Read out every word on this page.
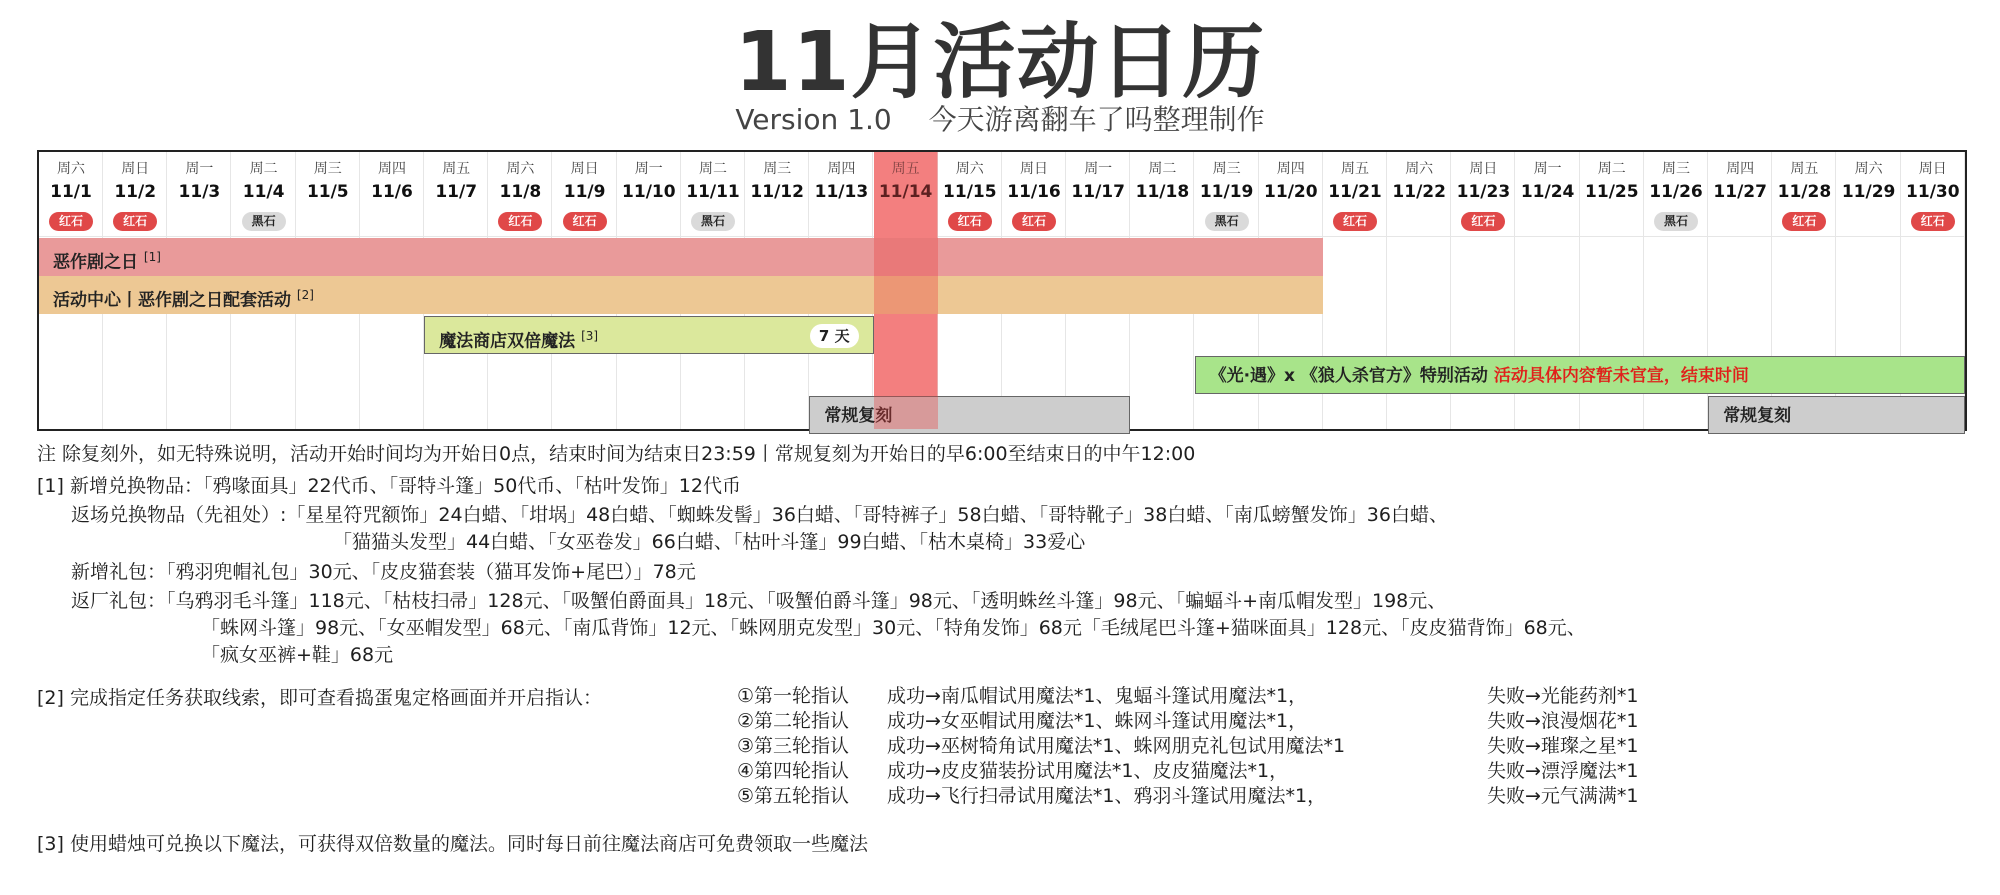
11月活动日历
Version 1.0 今天游离翻车了吗整理制作
周六
11/1
红石
周日
11/2
红石
周一
11/3
周二
11/4
黑石
周三
11/5
周四
11/6
周五
11/7
周六
11/8
红石
周日
11/9
红石
周一
11/10
周二
11/11
黑石
周三
11/12
周四
11/13
周五
11/14
周六
11/15
红石
周日
11/16
红石
周一
11/17
周二
11/18
周三
11/19
黑石
周四
11/20
周五
11/21
红石
周六
11/22
周日
11/23
红石
周一
11/24
周二
11/25
周三
11/26
黑石
周四
11/27
周五
11/28
红石
周六
11/29
周日
11/30
红石
恶作剧之日 [1]
活动中心丨恶作剧之日配套活动 [2]
魔法商店双倍魔法 [3]	7 天
《光·遇》x 《狼人杀官方》特别活动 活动具体内容暂未官宣，结束时间
常规复刻	常规复刻
注 除复刻外，如无特殊说明，活动开始时间均为开始日0点，结束时间为结束日23:59丨常规复刻为开始日的早6:00至结束日的中午12:00
[1] 新增兑换物品：「鸦喙面具」22代币、「哥特斗篷」50代币、「枯叶发饰」12代币
返场兑换物品（先祖处）:「星星符咒额饰」24白蜡、「坩埚」48白蜡、「蜘蛛发髻」36白蜡、「哥特裤子」58白蜡、「哥特靴子」38白蜡、「南瓜螃蟹发饰」36白蜡、
「猫猫头发型」44白蜡、「女巫卷发」66白蜡、「枯叶斗篷」99白蜡、「枯木桌椅」33爱心
新增礼包：「鸦羽兜帽礼包」30元、「皮皮猫套装（猫耳发饰+尾巴）」78元
返厂礼包：「乌鸦羽毛斗篷」118元、「枯枝扫帚」128元、「吸蟹伯爵面具」18元、「吸蟹伯爵斗篷」98元、「透明蛛丝斗篷」98元、「蝙蝠斗+南瓜帽发型」198元、
「蛛网斗篷」98元、「女巫帽发型」68元、「南瓜背饰」12元、「蛛网朋克发型」30元、「特角发饰」68元「毛绒尾巴斗篷+猫咪面具」128元、「皮皮猫背饰」68元、
「疯女巫裤+鞋」68元
[2] 完成指定任务获取线索，即可查看捣蛋鬼定格画面并开启指认：	①第一轮指认 成功→南瓜帽试用魔法*1、鬼蝠斗篷试用魔法*1，	失败→光能药剂*1
②第二轮指认 成功→女巫帽试用魔法*1、蛛网斗篷试用魔法*1，	失败→浪漫烟花*1
③第三轮指认 成功→巫树犄角试用魔法*1、蛛网朋克礼包试用魔法*1	失败→璀璨之星*1
④第四轮指认 成功→皮皮猫装扮试用魔法*1、皮皮猫魔法*1，	失败→漂浮魔法*1
⑤第五轮指认 成功→飞行扫帚试用魔法*1、鸦羽斗篷试用魔法*1，	失败→元气满满*1
[3] 使用蜡烛可兑换以下魔法，可获得双倍数量的魔法。同时每日前往魔法商店可免费领取一些魔法
